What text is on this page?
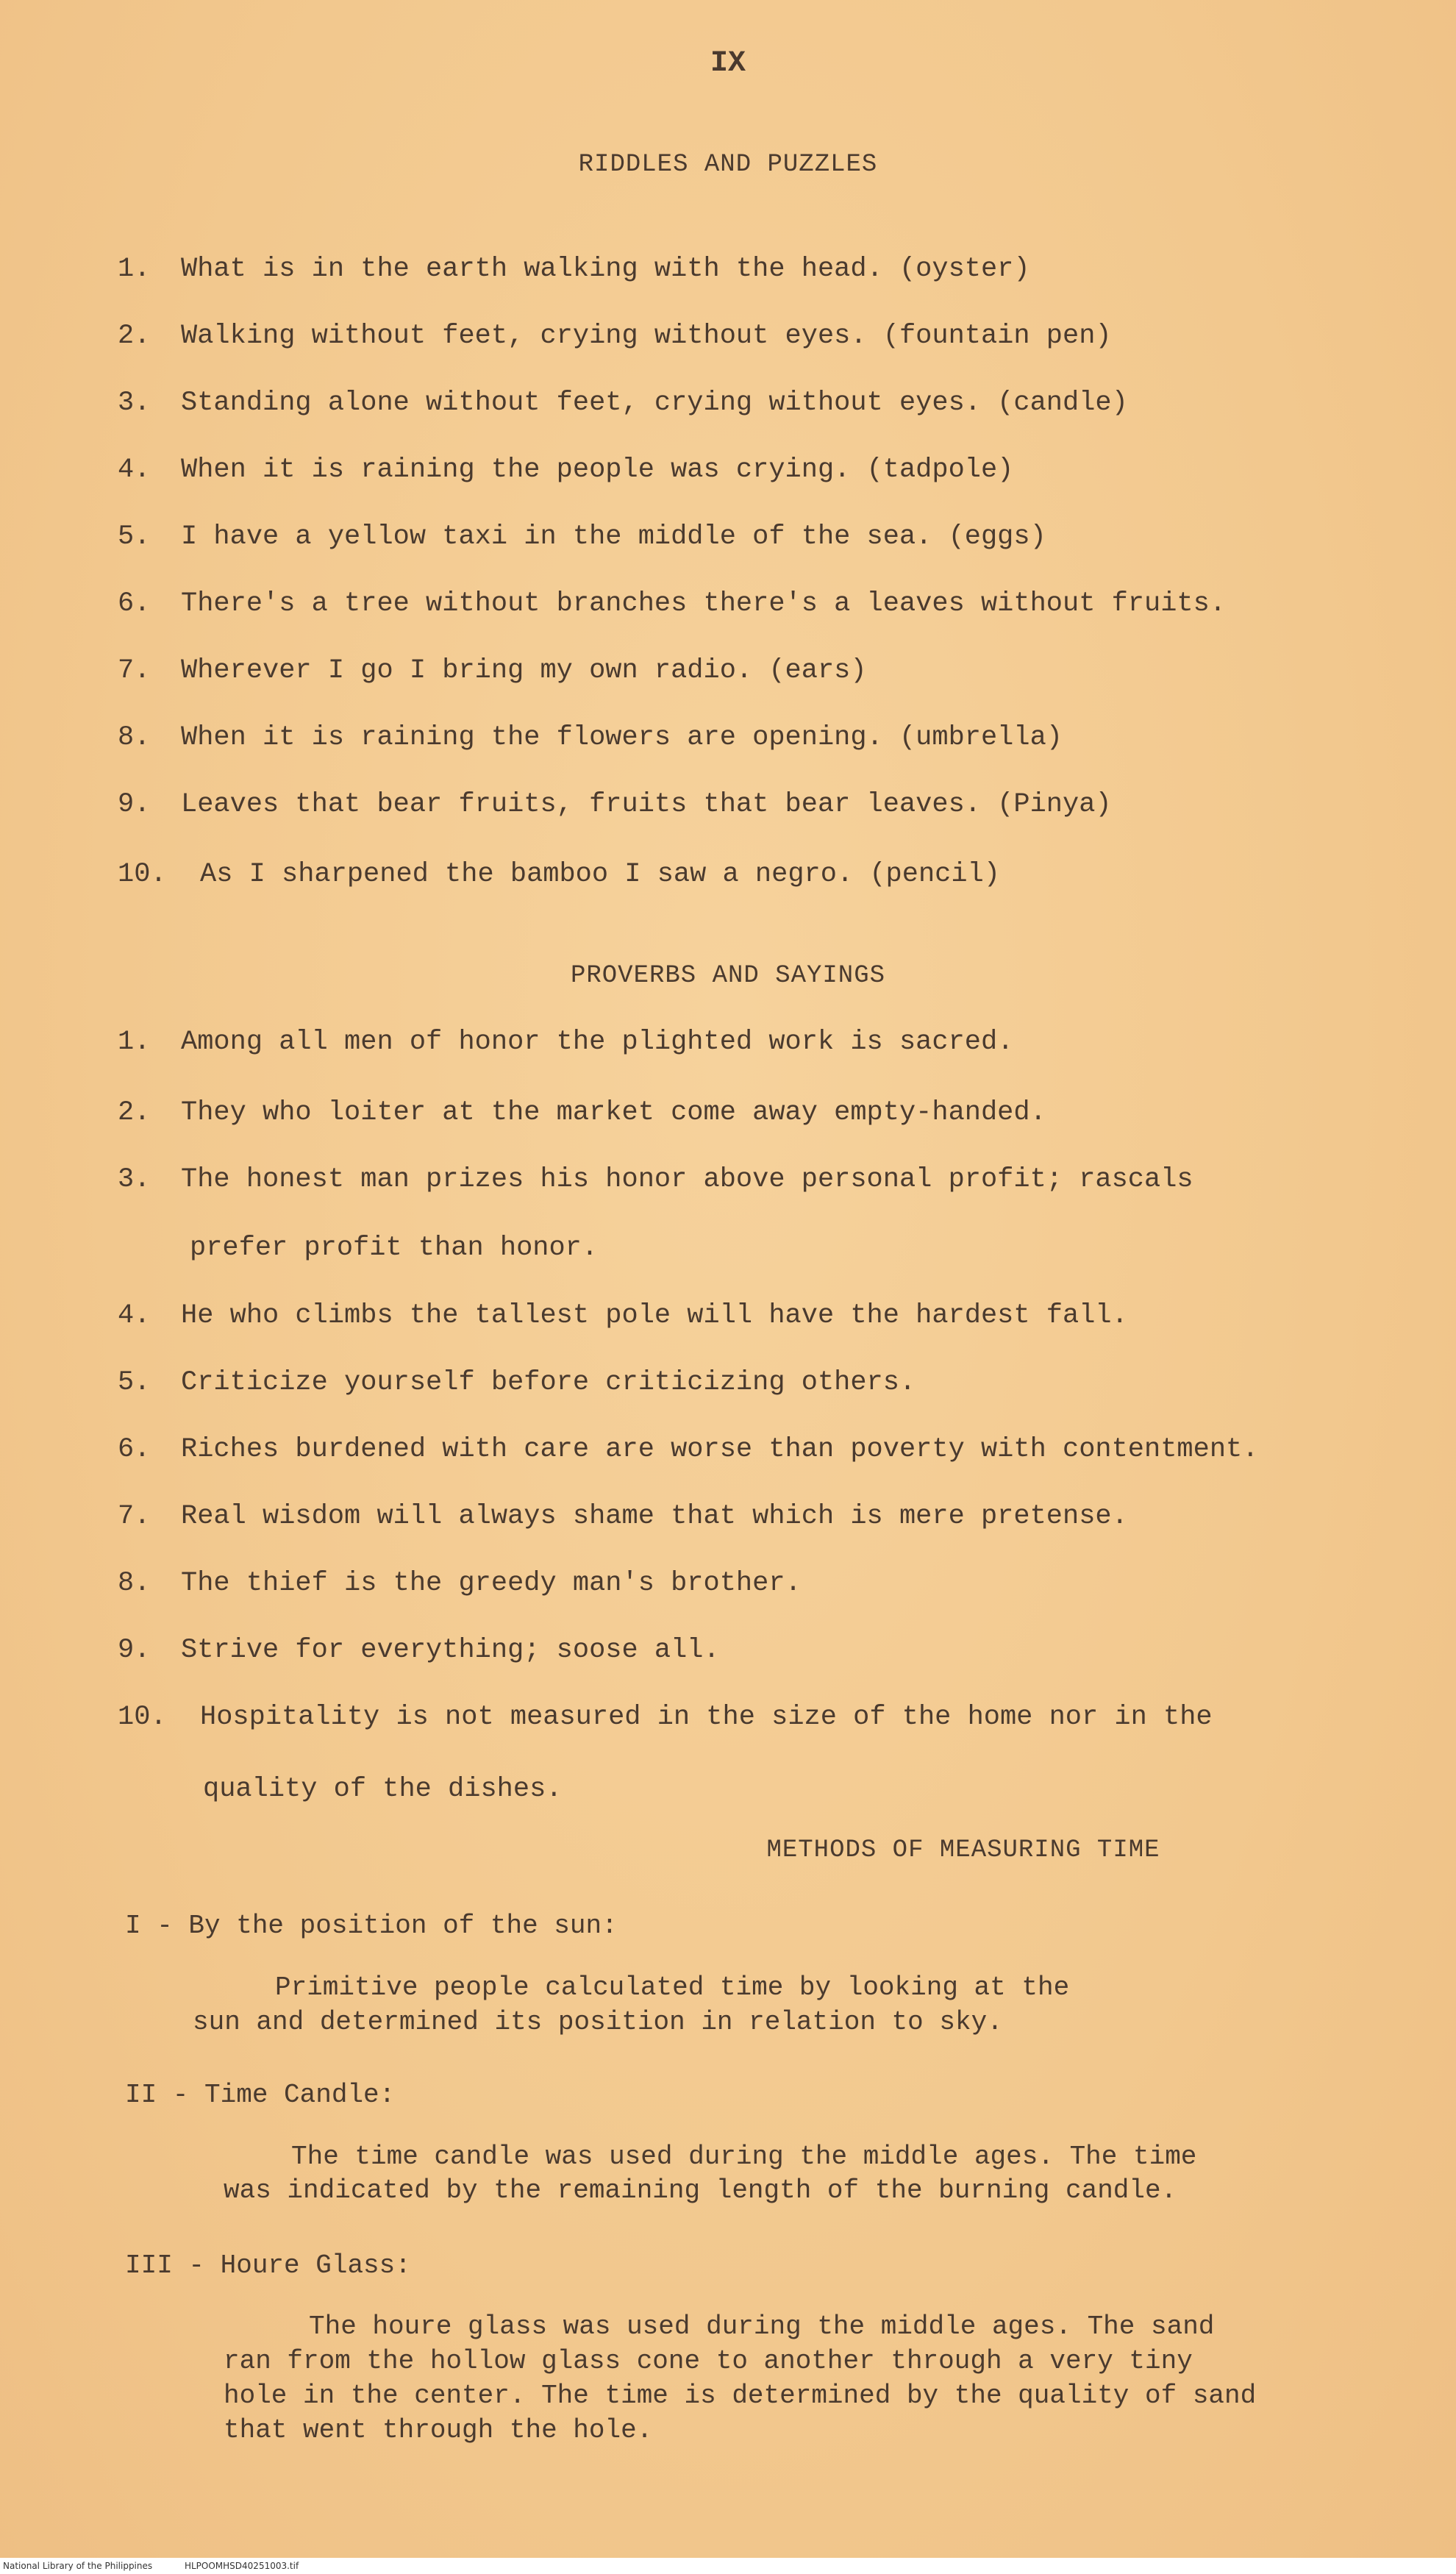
IX
RIDDLES AND PUZZLES
1. What is in the earth walking with the head. (oyster)
2. Walking without feet, crying without eyes. (fountain pen)
3. Standing alone without feet, crying without eyes. (candle)
4. When it is raining the people was crying. (tadpole)
5. I have a yellow taxi in the middle of the sea. (eggs)
6. There's a tree without branches there's a leaves without fruits.
7. Wherever I go I bring my own radio. (ears)
8. When it is raining the flowers are opening. (umbrella)
9. Leaves that bear fruits, fruits that bear leaves. (Pinya)
10. As I sharpened the bamboo I saw a negro. (pencil)
PROVERBS AND SAYINGS
1. Among all men of honor the plighted work is sacred.
2. They who loiter at the market come away empty-handed.
3. The honest man prizes his honor above personal profit; rascals
prefer profit than honor.
4. He who climbs the tallest pole will have the hardest fall.
5. Criticize yourself before criticizing others.
6. Riches burdened with care are worse than poverty with contentment.
7. Real wisdom will always shame that which is mere pretense.
8. The thief is the greedy man's brother.
9. Strive for everything; soose all.
10. Hospitality is not measured in the size of the home nor in the
quality of the dishes.
METHODS OF MEASURING TIME
I - By the position of the sun:
Primitive people calculated time by looking at the
sun and determined its position in relation to sky.
II - Time Candle:
The time candle was used during the middle ages. The time
was indicated by the remaining length of the burning candle.
III - Houre Glass:
The houre glass was used during the middle ages. The sand
ran from the hollow glass cone to another through a very tiny
hole in the center. The time is determined by the quality of sand
that went through the hole.
National Library of the Philippines	HLPOOMHSD40251003.tif
